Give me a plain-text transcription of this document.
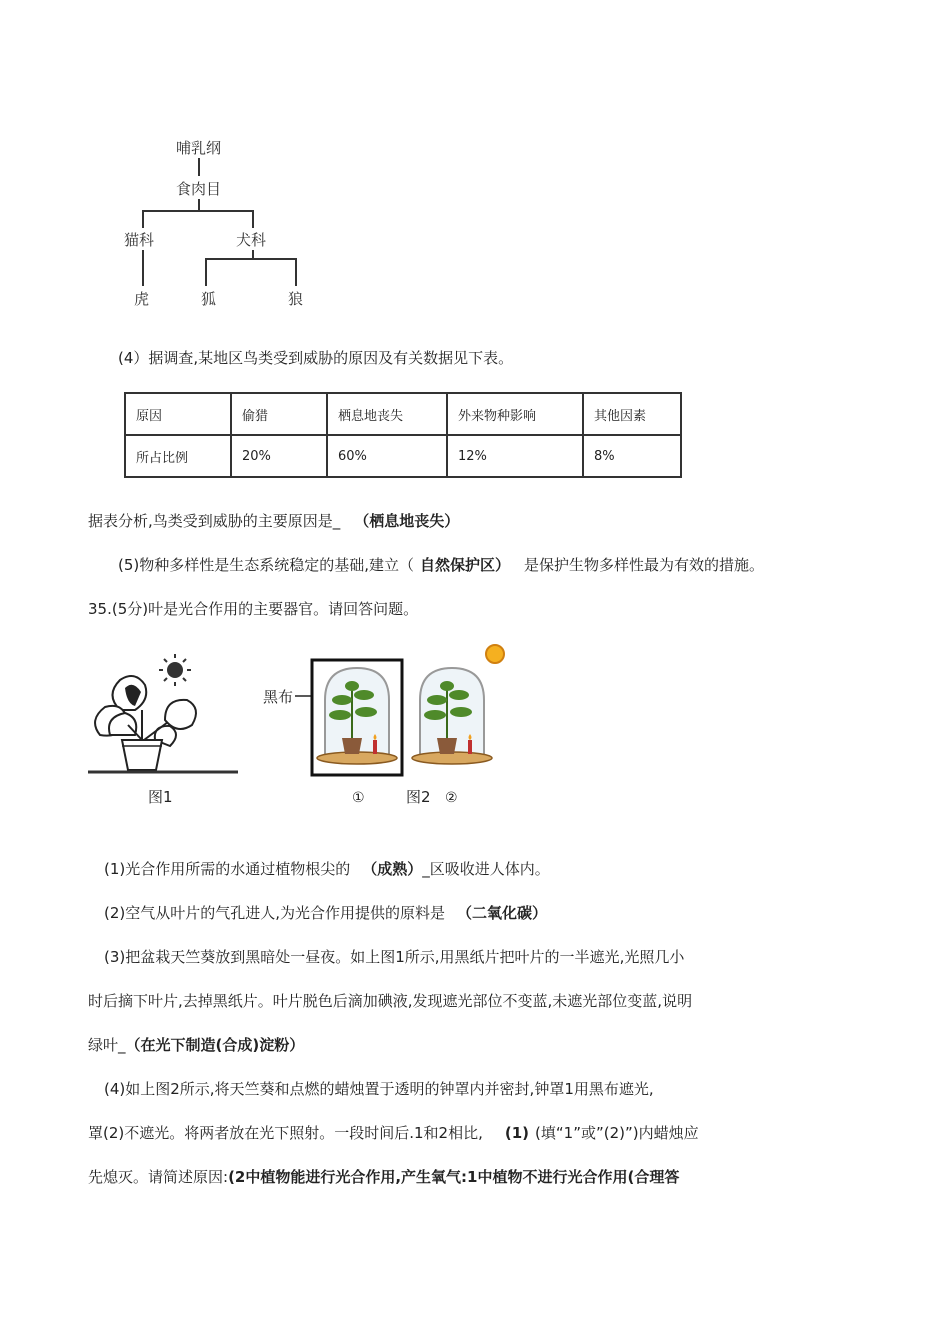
哺乳纲
食肉目
猫科	犬科
虎	狐	狼
(4）据调查,某地区鸟类受到威胁的原因及有关数据见下表。
原因	偷猎	栖息地丧失	外来物种影响	其他因素
所占比例	20%	60%	12%	8%
据表分析,鸟类受到威胁的主要原因是_ （栖息地丧失）
(5)物种多样性是生态系统稳定的基础,建立（ 自然保护区） 是保护生物多样性最为有效的措施。
35.(5分)叶是光合作用的主要器官。请回答问题。
图1
黑布
①	②
图2
(1)光合作用所需的水通过植物根尖的 （成熟）_区吸收进人体内。
(2)空气从叶片的气孔进人,为光合作用提供的原料是 （二氧化碳）
(3)把盆栽天竺葵放到黑暗处一昼夜。如上图1所示,用黑纸片把叶片的一半遮光,光照几小
时后摘下叶片,去掉黑纸片。叶片脱色后滴加碘液,发现遮光部位不变蓝,未遮光部位变蓝,说明
绿叶_（在光下制造(合成)淀粉）
(4)如上图2所示,将天竺葵和点燃的蜡烛置于透明的钟罩内并密封,钟罩1用黑布遮光,
罩(2)不遮光。将两者放在光下照射。一段时间后.1和2相比, (1) (填“1”或”(2)”)内蜡烛应
先熄灭。请简述原因:(2中植物能进行光合作用,产生氧气:1中植物不进行光合作用(合理答
